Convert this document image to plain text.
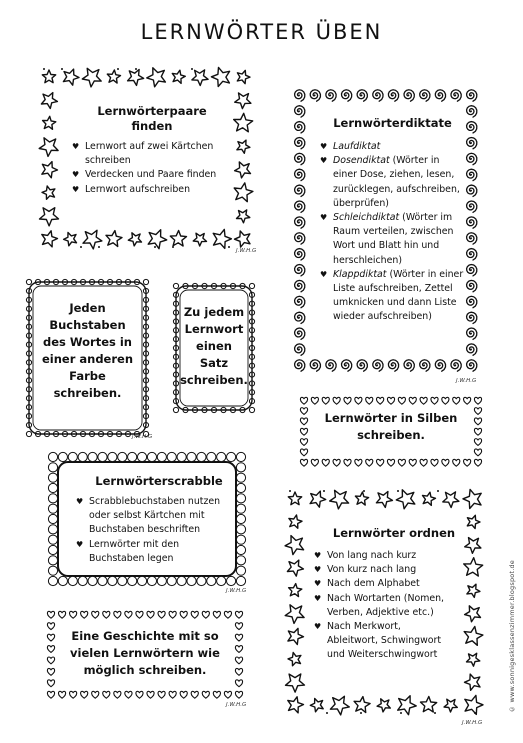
LERNWÖRTER ÜBEN
Lernwörterpaare
finden
♥ Lernwort auf zwei Kärtchen
schreiben
♥ Verdecken und Paare finden
♥ Lernwort aufschreiben
Lernwörterdiktate
♥ Laufdiktat
♥ Dosendiktat (Wörter in
einer Dose, ziehen, lesen,
zurücklegen, aufschreiben,
überprüfen)
♥ Schleichdiktat (Wörter im
Raum verteilen, zwischen
Wort und Blatt hin und
herschleichen)
♥ Klappdiktat (Wörter in einer
Liste aufschreiben, Zettel
umknicken und dann Liste
wieder aufschreiben)
Jeden
Buchstaben
des Wortes in
einer anderen
Farbe
schreiben.
Zu jedem
Lernwort
einen
Satz
schreiben.
Lernwörter in Silben
schreiben.
Lernwörterscrabble
♥ Scrabblebuchstaben nutzen
oder selbst Kärtchen mit
Buchstaben beschriften
♥ Lernwörter mit den
Buchstaben legen
Eine Geschichte mit so
vielen Lernwörtern wie
möglich schreiben.
Lernwörter ordnen
♥ Von lang nach kurz
♥ Von kurz nach lang
♥ Nach dem Alphabet
♥ Nach Wortarten (Nomen,
Verben, Adjektive etc.)
♥ Nach Merkwort,
Ableitwort, Schwingwort
und Weiterschwingwort
J.W.H.G
J.W.H.G
J.W.H.G
J.W.H.G
J.W.H.G
J.W.H.G
© www.sonnigesklassenzimmer.blogspot.de
